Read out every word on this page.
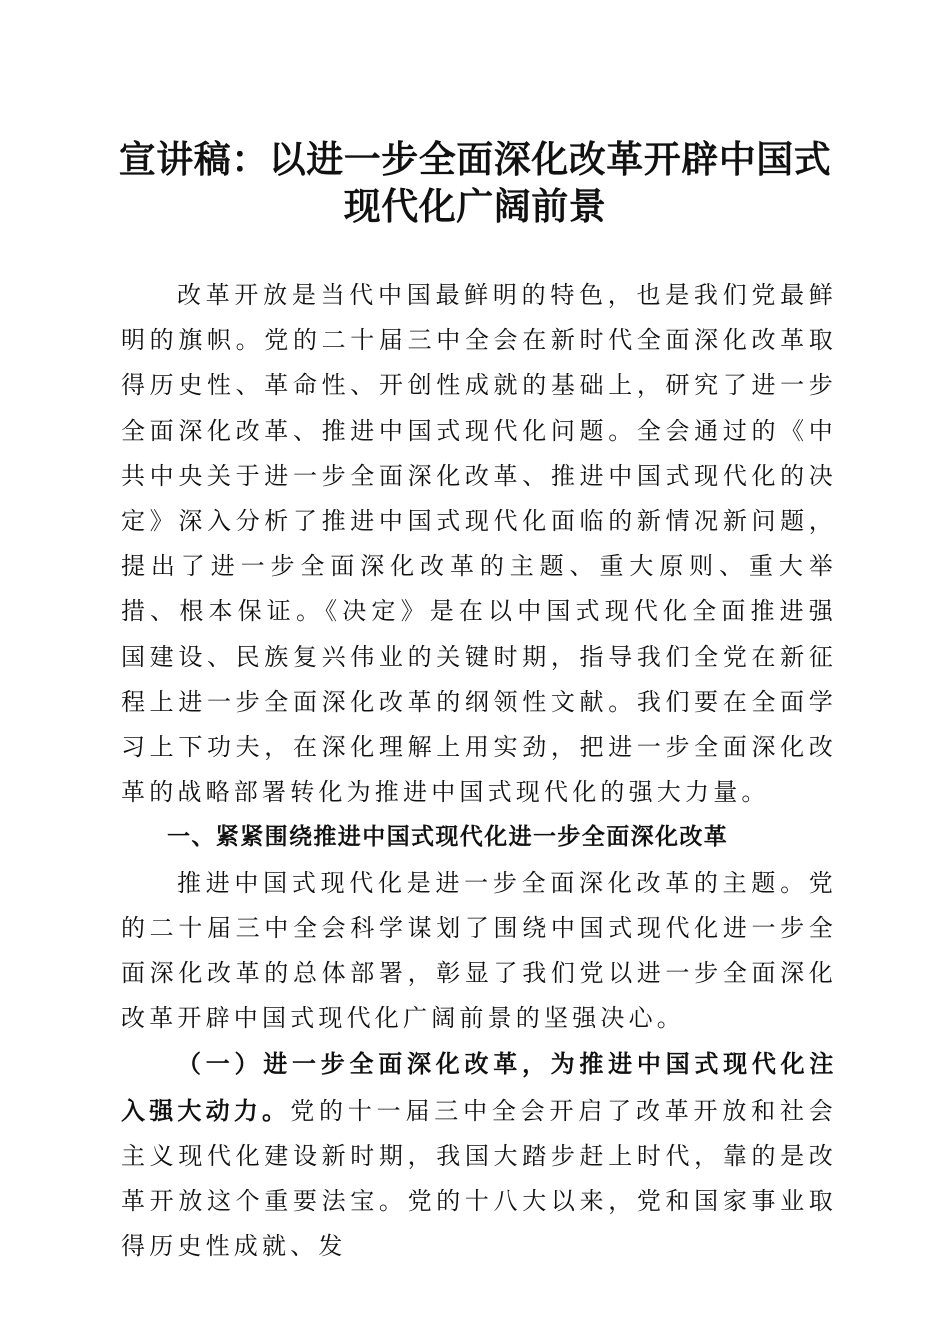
宣讲稿：以进一步全面深化改革开辟中国式现代化广阔前景

改革开放是当代中国最鲜明的特色，也是我们党最鲜明的旗帜。党的二十届三中全会在新时代全面深化改革取得历史性、革命性、开创性成就的基础上，研究了进一步全面深化改革、推进中国式现代化问题。全会通过的《中共中央关于进一步全面深化改革、推进中国式现代化的决定》深入分析了推进中国式现代化面临的新情况新问题，提出了进一步全面深化改革的主题、重大原则、重大举措、根本保证。《决定》是在以中国式现代化全面推进强国建设、民族复兴伟业的关键时期，指导我们全党在新征程上进一步全面深化改革的纲领性文献。我们要在全面学习上下功夫，在深化理解上用实劲，把进一步全面深化改革的战略部署转化为推进中国式现代化的强大力量。

一、紧紧围绕推进中国式现代化进一步全面深化改革

推进中国式现代化是进一步全面深化改革的主题。党的二十届三中全会科学谋划了围绕中国式现代化进一步全面深化改革的总体部署，彰显了我们党以进一步全面深化改革开辟中国式现代化广阔前景的坚强决心。

（一）进一步全面深化改革，为推进中国式现代化注入强大动力。党的十一届三中全会开启了改革开放和社会主义现代化建设新时期，我国大踏步赶上时代，靠的是改革开放这个重要法宝。党的十八大以来，党和国家事业取得历史性成就、发
